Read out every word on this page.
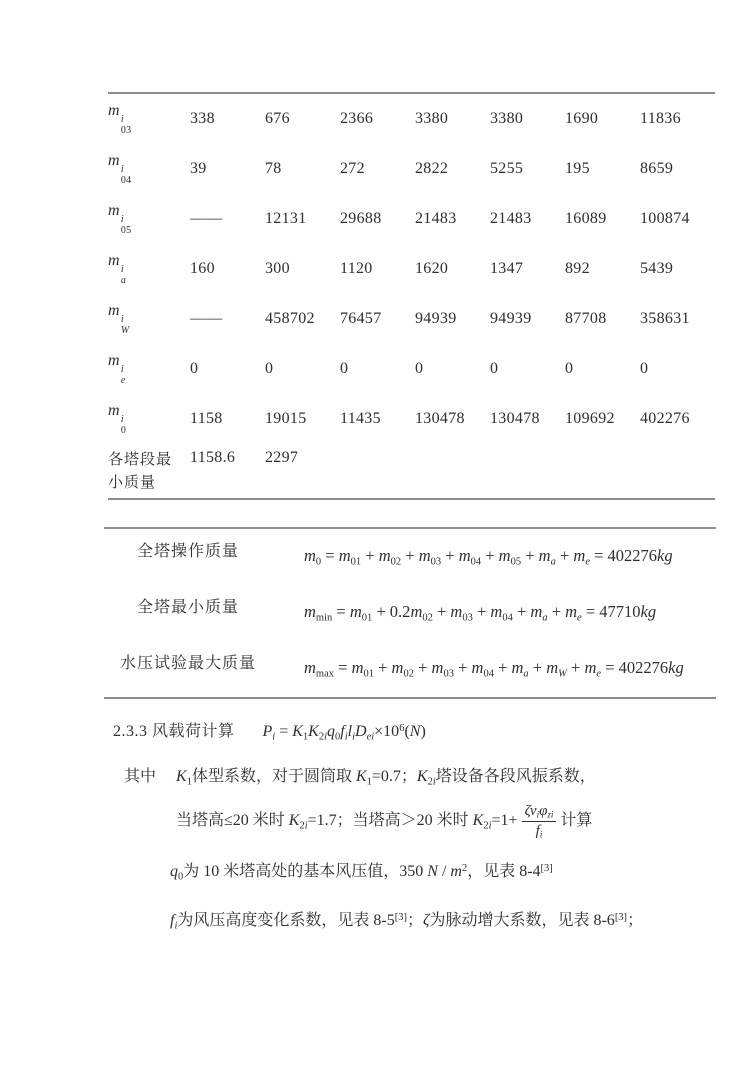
m
i
03
338	676	2366	3380	3380	1690	11836
m
i
04
39	78	272	2822	5255	195	8659
m
i
05
——	12131	29688	21483	21483	16089	100874
m
i
a
160	300	1120	1620	1347	892	5439
m
i
W
——	458702	76457	94939	94939	87708	358631
m
i
e
0	0	0	0	0	0	0
m
i
0
1158	19015	11435	130478	130478	109692	402276
各塔段最小质量
1158.6	2297
全塔操作质量	$m_0 = m_{01} + m_{02} + m_{03} + m_{04} + m_{05} + m_a + m_e = 402276kg$
全塔最小质量	$m_{min} = m_{01} + 0.2m_{02} + m_{03} + m_{04} + m_a + m_e = 47710kg$
水压试验最大质量	$m_{max} = m_{01} + m_{02} + m_{03} + m_{04} + m_a + m_W + m_e = 402276kg$
2.3.3 风载荷计算 $P_i = K_1K_{2i}q_0f_il_iD_{ei}\times 10^6(N)$
其中　 $K_1$体型系数，对于圆筒取 $K_1=0.7$；$K_{2i}$塔设备各段风振系数，
当塔高≤20 米时 $K_{2i}=1.7$；当塔高＞20 米时 $K_{2i}=1+ \frac{\zeta\nu_i\varphi_{zi}}{f_i}$ 计算
$q_0$为 10 米塔高处的基本风压值，350 N / $m^2$，见表 8-4[3]
$f_i$为风压高度变化系数，见表 8-5[3]；ζ为脉动增大系数，见表 8-6[3]；
